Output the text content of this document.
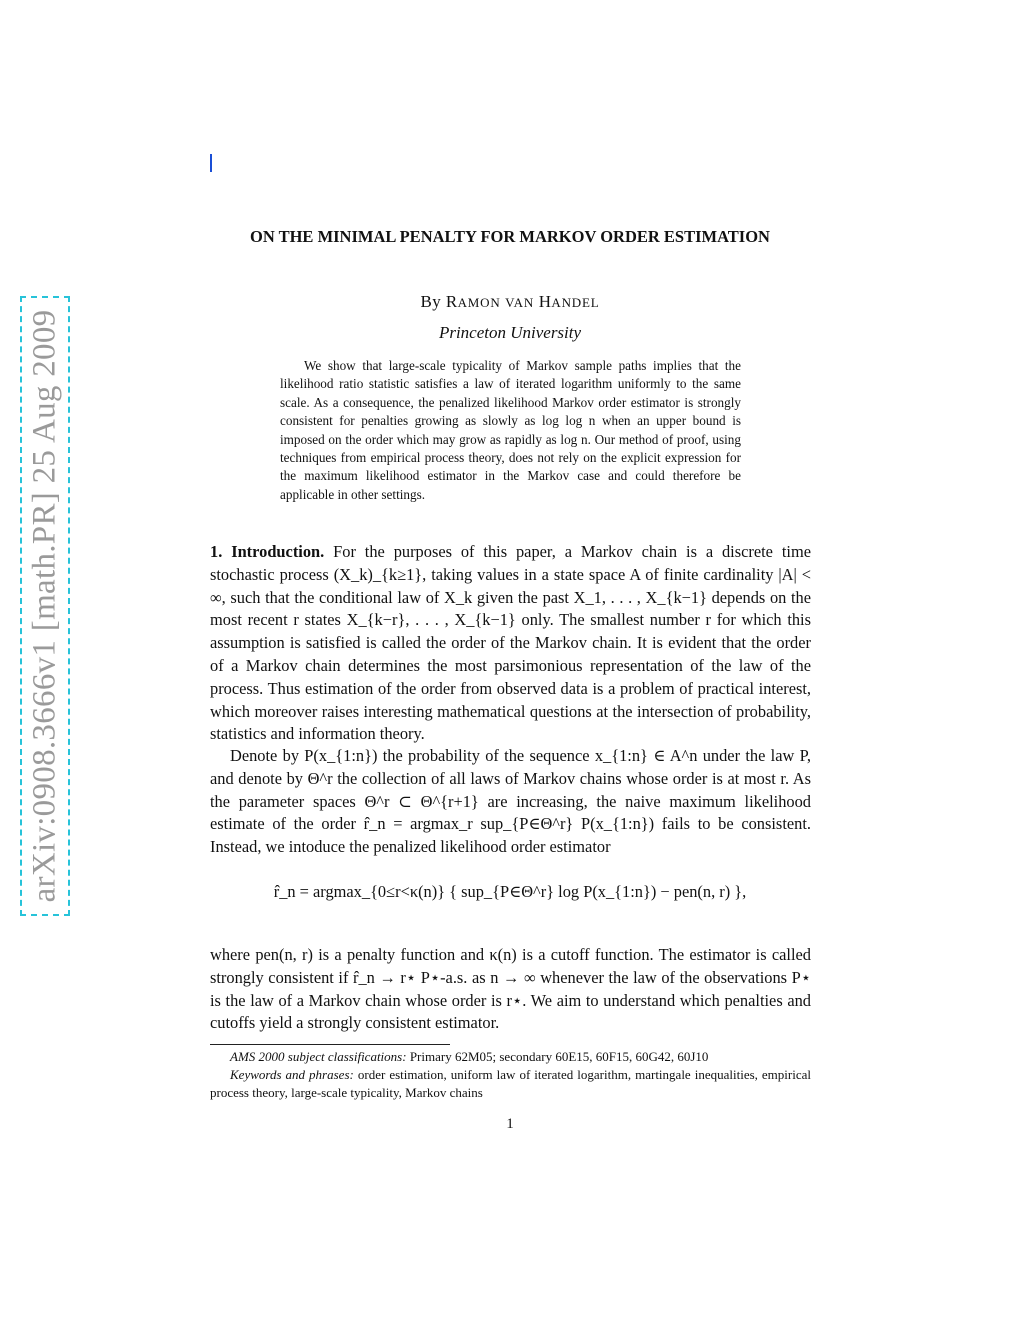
arXiv:0908.3666v1 [math.PR] 25 Aug 2009
ON THE MINIMAL PENALTY FOR MARKOV ORDER ESTIMATION
By RAMON VAN HANDEL
Princeton University
We show that large-scale typicality of Markov sample paths implies that the likelihood ratio statistic satisfies a law of iterated logarithm uniformly to the same scale. As a consequence, the penalized likelihood Markov order estimator is strongly consistent for penalties growing as slowly as log log n when an upper bound is imposed on the order which may grow as rapidly as log n. Our method of proof, using techniques from empirical process theory, does not rely on the explicit expression for the maximum likelihood estimator in the Markov case and could therefore be applicable in other settings.
1. Introduction. For the purposes of this paper, a Markov chain is a discrete time stochastic process (X_k)_{k≥1}, taking values in a state space A of finite cardinality |A| < ∞, such that the conditional law of X_k given the past X_1, . . . , X_{k−1} depends on the most recent r states X_{k−r}, . . . , X_{k−1} only. The smallest number r for which this assumption is satisfied is called the order of the Markov chain. It is evident that the order of a Markov chain determines the most parsimonious representation of the law of the process. Thus estimation of the order from observed data is a problem of practical interest, which moreover raises interesting mathematical questions at the intersection of probability, statistics and information theory.
Denote by P(x_{1:n}) the probability of the sequence x_{1:n} ∈ A^n under the law P, and denote by Θ^r the collection of all laws of Markov chains whose order is at most r. As the parameter spaces Θ^r ⊂ Θ^{r+1} are increasing, the naive maximum likelihood estimate of the order r̂_n = argmax_r sup_{P∈Θ^r} P(x_{1:n}) fails to be consistent. Instead, we intoduce the penalized likelihood order estimator
r̂_n = argmax_{0≤r<κ(n)} { sup_{P∈Θ^r} log P(x_{1:n}) − pen(n, r) },
where pen(n, r) is a penalty function and κ(n) is a cutoff function. The estimator is called strongly consistent if r̂_n → r⋆ P⋆-a.s. as n → ∞ whenever the law of the observations P⋆ is the law of a Markov chain whose order is r⋆. We aim to understand which penalties and cutoffs yield a strongly consistent estimator.
AMS 2000 subject classifications: Primary 62M05; secondary 60E15, 60F15, 60G42, 60J10
Keywords and phrases: order estimation, uniform law of iterated logarithm, martingale inequalities, empirical process theory, large-scale typicality, Markov chains
1
